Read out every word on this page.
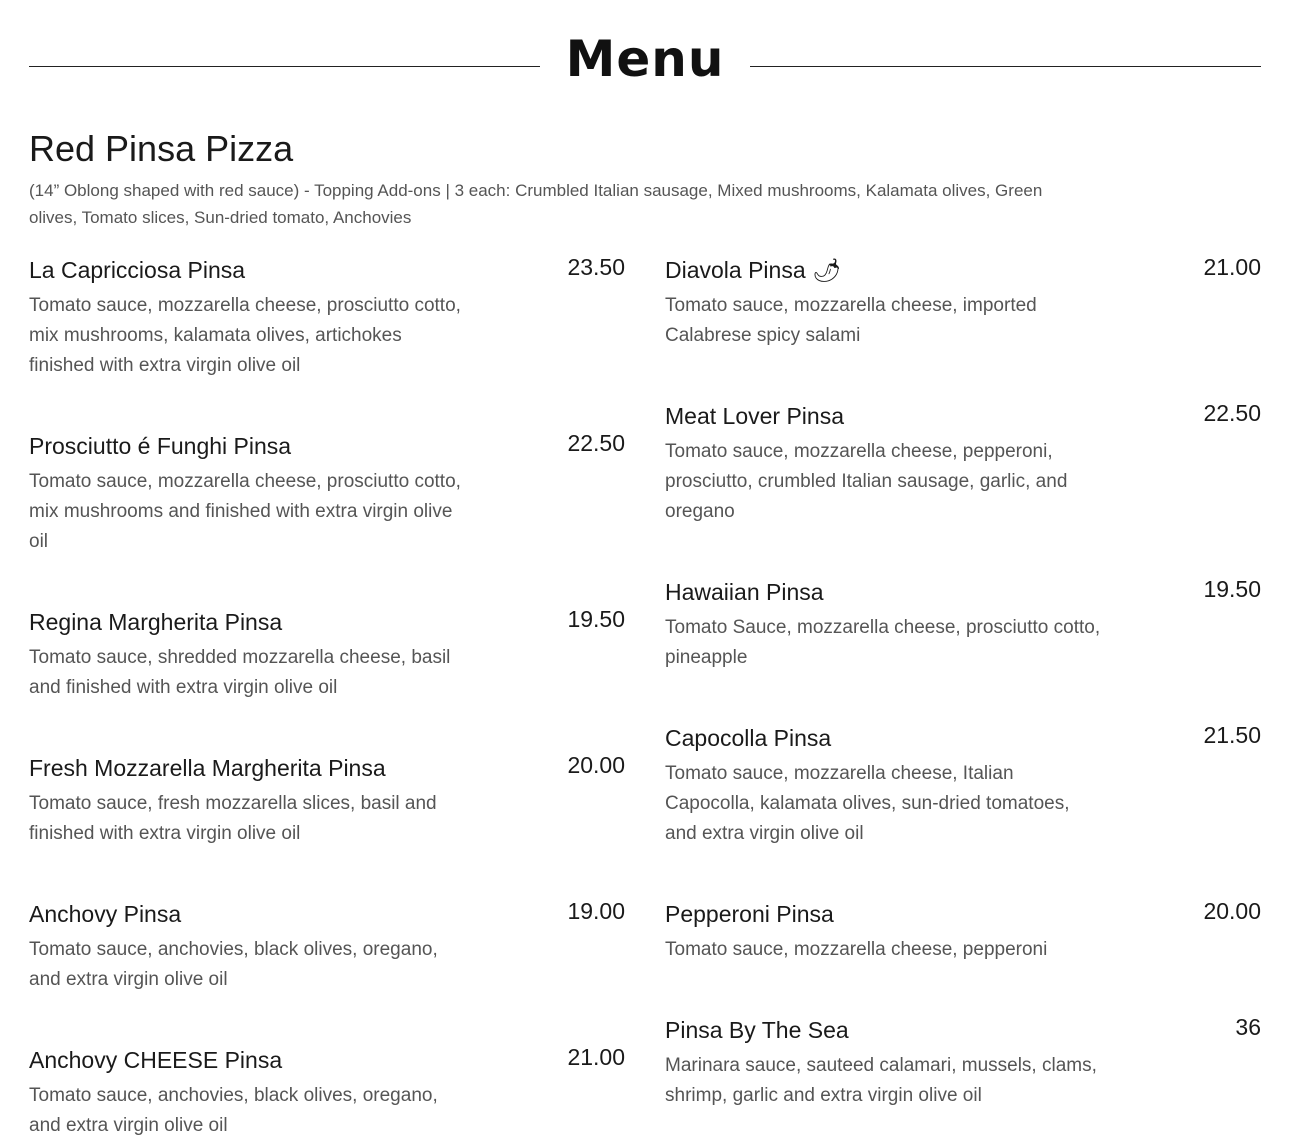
Menu
Red Pinsa Pizza
(14” Oblong shaped with red sauce) - Topping Add-ons | 3 each: Crumbled Italian sausage, Mixed mushrooms, Kalamata olives, Green olives, Tomato slices, Sun-dried tomato, Anchovies
La Capricciosa Pinsa	23.50
Tomato sauce, mozzarella cheese, prosciutto cotto, mix mushrooms, kalamata olives, artichokes finished with extra virgin olive oil
Prosciutto é Funghi Pinsa	22.50
Tomato sauce, mozzarella cheese, prosciutto cotto, mix mushrooms and finished with extra virgin olive oil
Regina Margherita Pinsa	19.50
Tomato sauce, shredded mozzarella cheese, basil and finished with extra virgin olive oil
Fresh Mozzarella Margherita Pinsa	20.00
Tomato sauce, fresh mozzarella slices, basil and finished with extra virgin olive oil
Anchovy Pinsa	19.00
Tomato sauce, anchovies, black olives, oregano, and extra virgin olive oil
Anchovy CHEESE Pinsa	21.00
Tomato sauce, anchovies, black olives, oregano, and extra virgin olive oil
Diavola Pinsa 🌶	21.00
Tomato sauce, mozzarella cheese, imported Calabrese spicy salami
Meat Lover Pinsa	22.50
Tomato sauce, mozzarella cheese, pepperoni, prosciutto, crumbled Italian sausage, garlic, and oregano
Hawaiian Pinsa	19.50
Tomato Sauce, mozzarella cheese, prosciutto cotto, pineapple
Capocolla Pinsa	21.50
Tomato sauce, mozzarella cheese, Italian Capocolla, kalamata olives, sun-dried tomatoes, and extra virgin olive oil
Pepperoni Pinsa	20.00
Tomato sauce, mozzarella cheese, pepperoni
Pinsa By The Sea	36
Marinara sauce, sauteed calamari, mussels, clams, shrimp, garlic and extra virgin olive oil
